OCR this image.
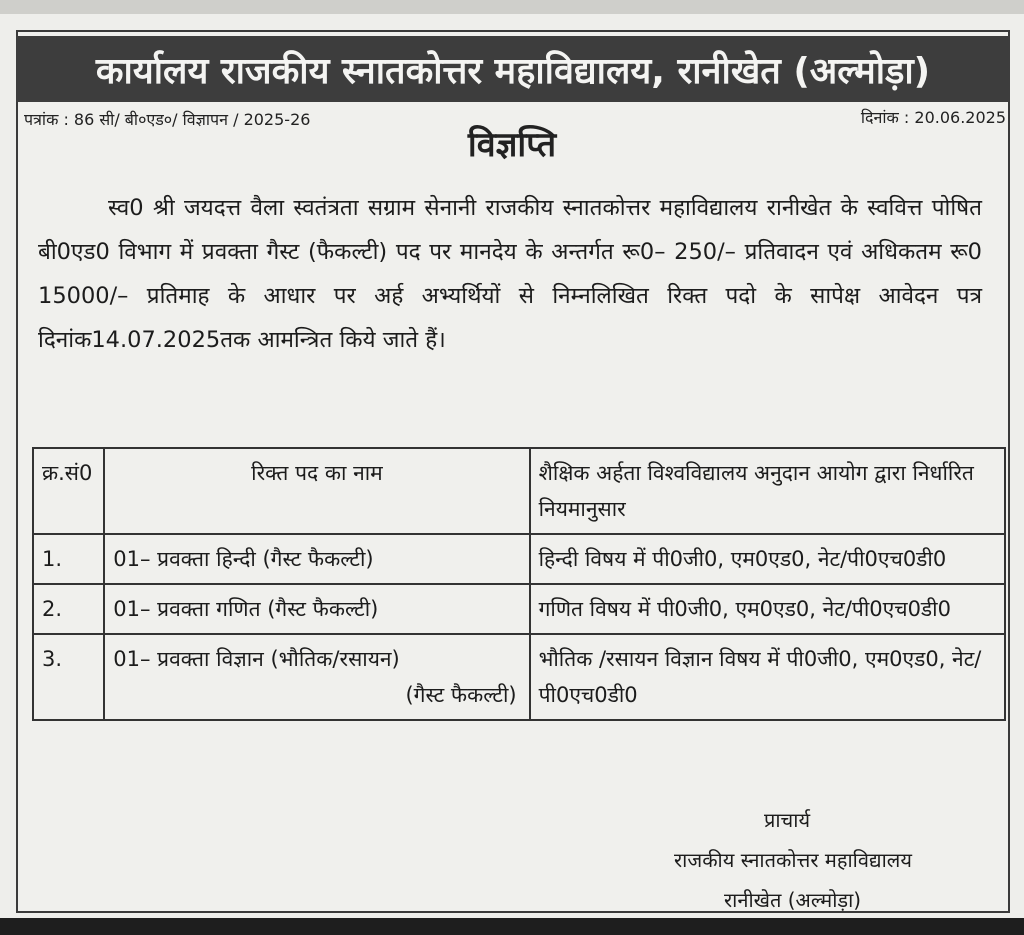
कार्यालय राजकीय स्नातकोत्तर महाविद्यालय, रानीखेत (अल्मोड़ा)
पत्रांक : 86 सी/ बी०एड०/ विज्ञापन / 2025-26	दिनांक : 20.06.2025
विज्ञप्ति
स्व0 श्री जयदत्त वैला स्वतंत्रता सग्राम सेनानी राजकीय स्नातकोत्तर महाविद्यालय रानीखेत के स्ववित्त पोषित बी0एड0 विभाग में प्रवक्ता गैस्ट (फैकल्टी) पद पर मानदेय के अन्तर्गत रू0– 250/– प्रतिवादन एवं अधिकतम रू0 15000/– प्रतिमाह के आधार पर अर्ह अभ्यर्थियों से निम्नलिखित रिक्त पदो के सापेक्ष आवेदन पत्र दिनांक14.07.2025तक आमन्त्रित किये जाते हैं।
क्र.सं0	रिक्त पद का नाम	शैक्षिक अर्हता विश्वविद्यालय अनुदान आयोग द्वारा निर्धारित नियमानुसार
1.	01– प्रवक्ता हिन्दी (गैस्ट फैकल्टी)	हिन्दी विषय में पी0जी0, एम0एड0, नेट/पी0एच0डी0
2.	01– प्रवक्ता गणित (गैस्ट फैकल्टी)	गणित विषय में पी0जी0, एम0एड0, नेट/पी0एच0डी0
3.	01– प्रवक्ता विज्ञान (भौतिक/रसायन)
(गैस्ट फैकल्टी)	भौतिक /रसायन विज्ञान विषय में पी0जी0, एम0एड0, नेट/पी0एच0डी0
प्राचार्य
राजकीय स्नातकोत्तर महाविद्यालय
रानीखेत (अल्मोड़ा)
